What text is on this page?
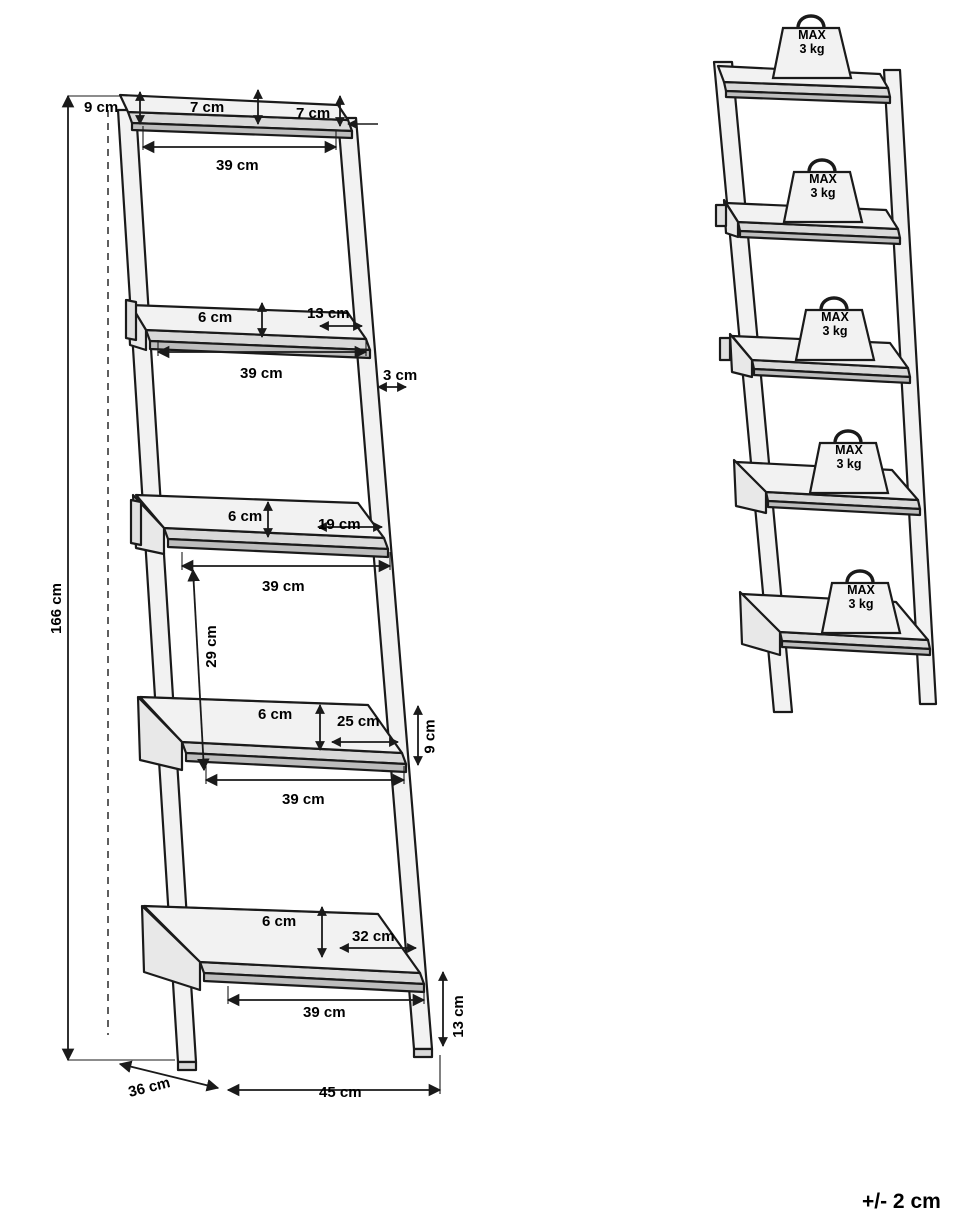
166 cm
9 cm	7 cm	7 cm
39 cm
6 cm	13 cm
39 cm	3 cm
6 cm	19 cm
39 cm
29 cm
6 cm	25 cm	9 cm
39 cm
6 cm
32 cm
13 cm
39 cm
36 cm	45 cm
MAX
3 kg
MAX
3 kg
MAX
3 kg
MAX
3 kg
MAX
3 kg
+/- 2 cm
